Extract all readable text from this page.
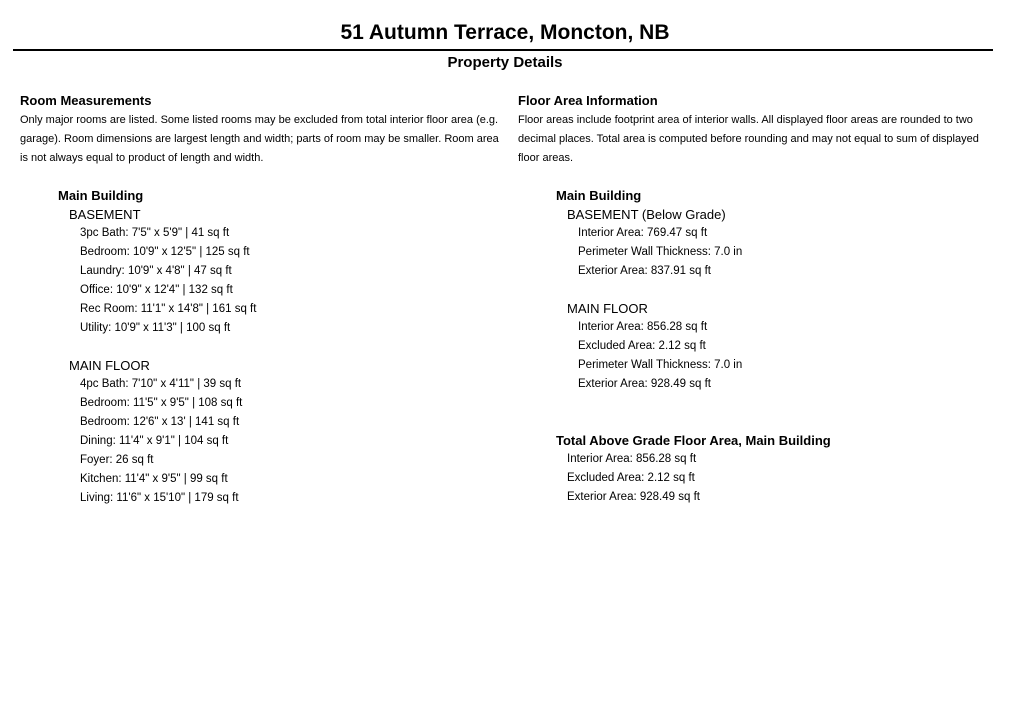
51 Autumn Terrace, Moncton, NB
Property Details
Room Measurements
Only major rooms are listed. Some listed rooms may be excluded from total interior floor area (e.g. garage). Room dimensions are largest length and width; parts of room may be smaller. Room area is not always equal to product of length and width.
Main Building
BASEMENT
3pc Bath: 7'5" x 5'9" | 41 sq ft
Bedroom: 10'9" x 12'5" | 125 sq ft
Laundry: 10'9" x 4'8" | 47 sq ft
Office: 10'9" x 12'4" | 132 sq ft
Rec Room: 11'1" x 14'8" | 161 sq ft
Utility: 10'9" x 11'3" | 100 sq ft
MAIN FLOOR
4pc Bath: 7'10" x 4'11" | 39 sq ft
Bedroom: 11'5" x 9'5" | 108 sq ft
Bedroom: 12'6" x 13' | 141 sq ft
Dining: 11'4" x 9'1" | 104 sq ft
Foyer: 26 sq ft
Kitchen: 11'4" x 9'5" | 99 sq ft
Living: 11'6" x 15'10" | 179 sq ft
Floor Area Information
Floor areas include footprint area of interior walls. All displayed floor areas are rounded to two decimal places. Total area is computed before rounding and may not equal to sum of displayed floor areas.
Main Building
BASEMENT (Below Grade)
Interior Area: 769.47 sq ft
Perimeter Wall Thickness: 7.0 in
Exterior Area: 837.91 sq ft
MAIN FLOOR
Interior Area: 856.28 sq ft
Excluded Area: 2.12 sq ft
Perimeter Wall Thickness: 7.0 in
Exterior Area: 928.49 sq ft
Total Above Grade Floor Area, Main Building
Interior Area: 856.28 sq ft
Excluded Area: 2.12 sq ft
Exterior Area: 928.49 sq ft
